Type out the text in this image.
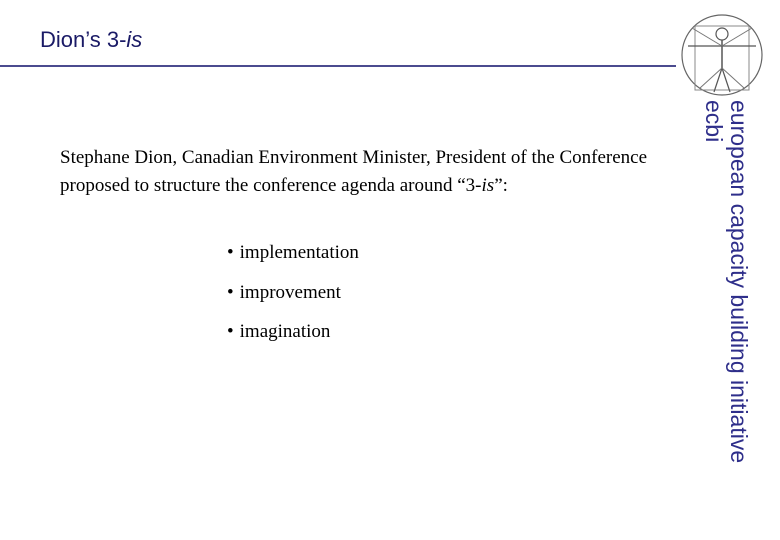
Dion’s 3-is
european capacity building initiative
ecbi
Stephane Dion, Canadian Environment Minister, President of the Conference proposed to structure the conference agenda around “3-is”:
• implementation
• improvement
• imagination
